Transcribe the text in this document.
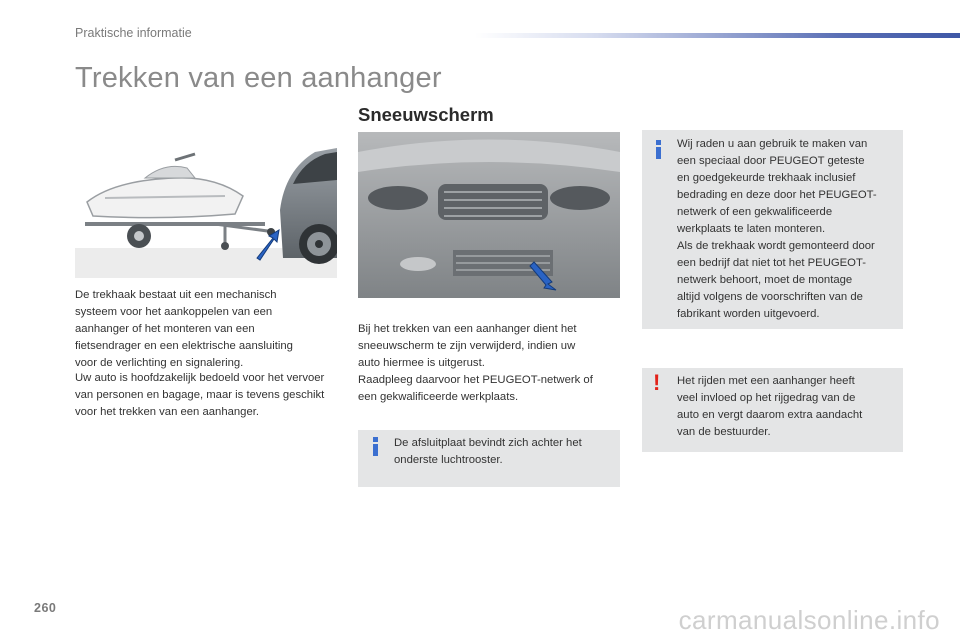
Praktische informatie
Trekken van een aanhanger
De trekhaak bestaat uit een mechanisch
systeem voor het aankoppelen van een
aanhanger of het monteren van een
fietsendrager en een elektrische aansluiting
voor de verlichting en signalering.
Uw auto is hoofdzakelijk bedoeld voor het vervoer
van personen en bagage, maar is tevens geschikt
voor het trekken van een aanhanger.
Sneeuwscherm
Bij het trekken van een aanhanger dient het
sneeuwscherm te zijn verwijderd, indien uw
auto hiermee is uitgerust.
Raadpleeg daarvoor het PEUGEOT-netwerk of
een gekwalificeerde werkplaats.
De afsluitplaat bevindt zich achter het
onderste luchtrooster.
Wij raden u aan gebruik te maken van
een speciaal door PEUGEOT geteste
en goedgekeurde trekhaak inclusief
bedrading en deze door het PEUGEOT-
netwerk of een gekwalificeerde
werkplaats te laten monteren.
Als de trekhaak wordt gemonteerd door
een bedrijf dat niet tot het PEUGEOT-
netwerk behoort, moet de montage
altijd volgens de voorschriften van de
fabrikant worden uitgevoerd.
! Het rijden met een aanhanger heeft
veel invloed op het rijgedrag van de
auto en vergt daarom extra aandacht
van de bestuurder.
260	carmanualsonline.info
